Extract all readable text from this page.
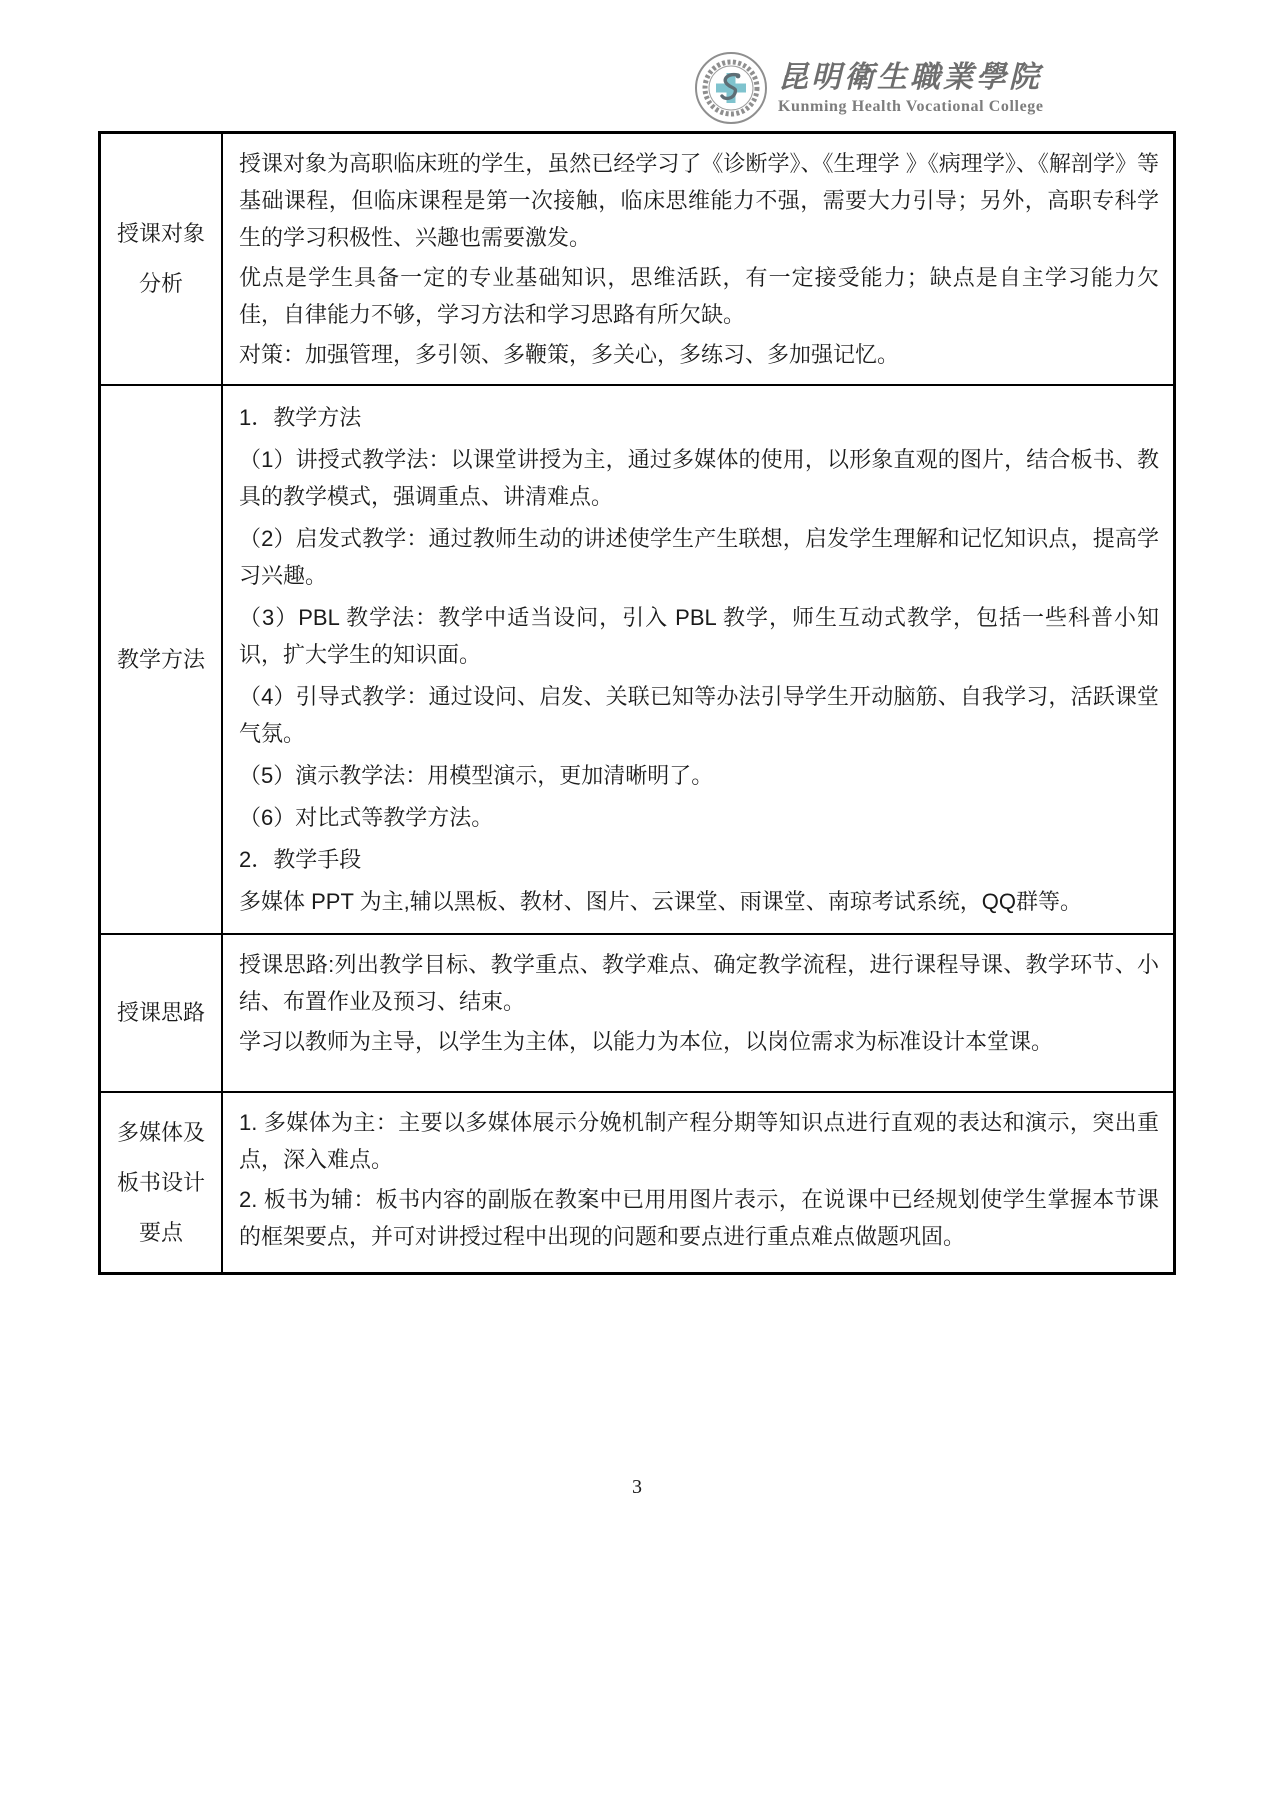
昆明衛生職業學院
Kunming Health Vocational College
授课对象
分析

授课对象为高职临床班的学生，虽然已经学习了《诊断学》、《生理学 》《病理学》、《解剖学》等基础课程，但临床课程是第一次接触，临床思维能力不强，需要大力引导；另外，高职专科学生的学习积极性、兴趣也需要激发。

优点是学生具备一定的专业基础知识，思维活跃，有一定接受能力；缺点是自主学习能力欠佳，自律能力不够，学习方法和学习思路有所欠缺。

对策：加强管理，多引领、多鞭策，多关心，多练习、多加强记忆。

教学方法

1．教学方法

（1）讲授式教学法：以课堂讲授为主，通过多媒体的使用，以形象直观的图片，结合板书、教具的教学模式，强调重点、讲清难点。

（2）启发式教学：通过教师生动的讲述使学生产生联想，启发学生理解和记忆知识点，提高学习兴趣。

（3）PBL 教学法：教学中适当设问，引入 PBL 教学，师生互动式教学，包括一些科普小知识，扩大学生的知识面。

（4）引导式教学：通过设问、启发、关联已知等办法引导学生开动脑筋、自我学习，活跃课堂气氛。

（5）演示教学法：用模型演示，更加清晰明了。

（6）对比式等教学方法。

2．教学手段

多媒体 PPT 为主,辅以黑板、教材、图片、云课堂、雨课堂、南琼考试系统，QQ群等。

授课思路

授课思路:列出教学目标、教学重点、教学难点、确定教学流程，进行课程导课、教学环节、小结、布置作业及预习、结束。

学习以教师为主导，以学生为主体，以能力为本位，以岗位需求为标准设计本堂课。

多媒体及
板书设计
要点

1. 多媒体为主：主要以多媒体展示分娩机制产程分期等知识点进行直观的表达和演示，突出重点，深入难点。

2. 板书为辅：板书内容的副版在教案中已用用图片表示，在说课中已经规划使学生掌握本节课的框架要点，并可对讲授过程中出现的问题和要点进行重点难点做题巩固。

3
